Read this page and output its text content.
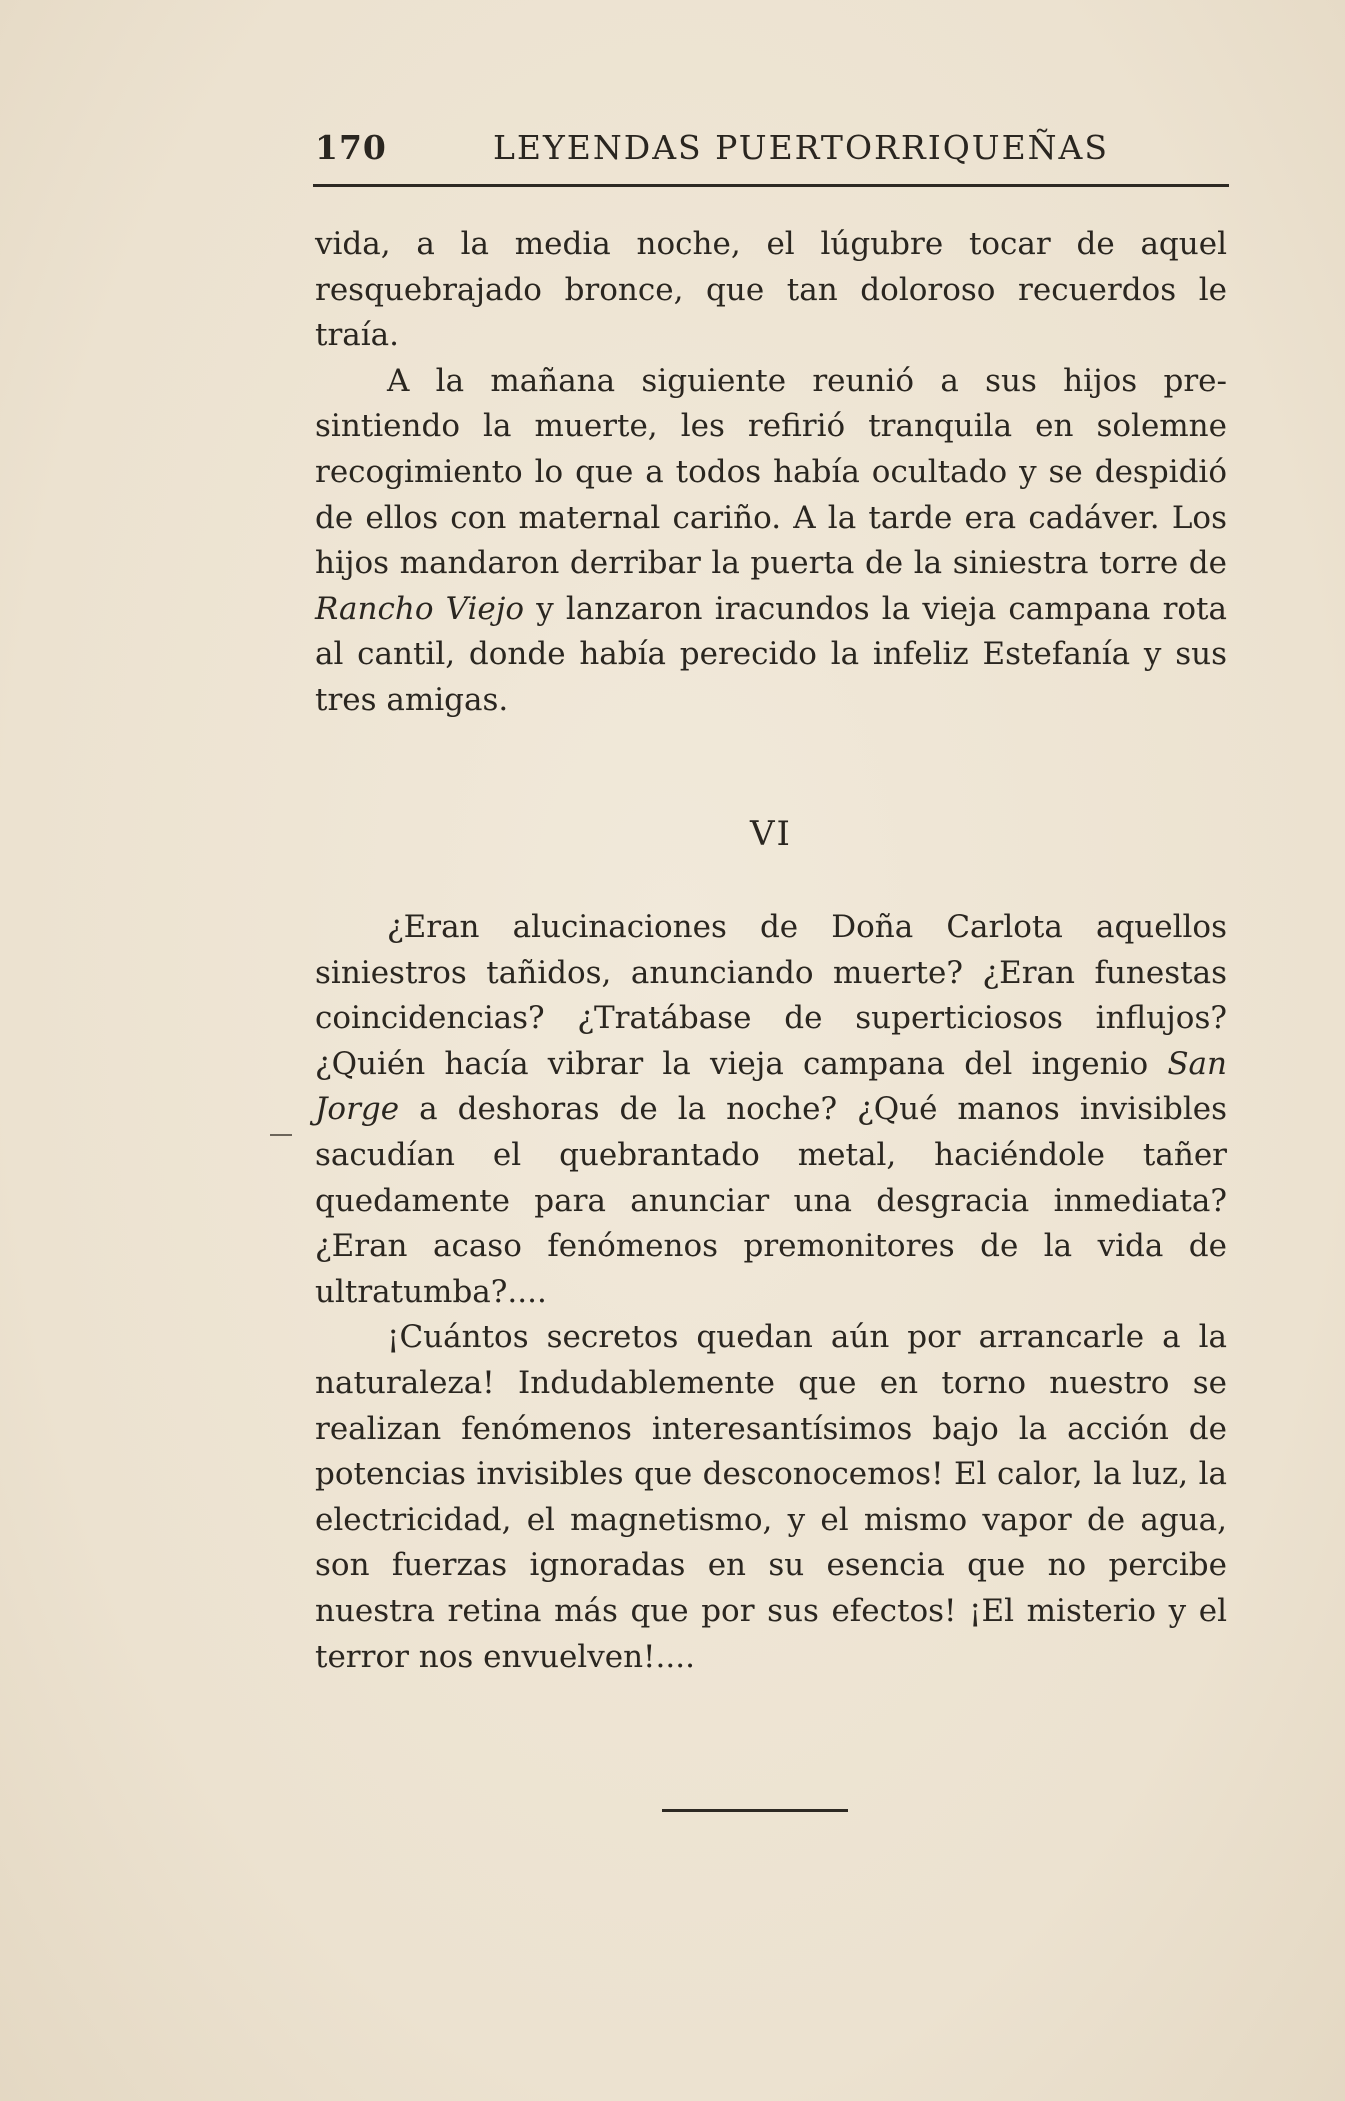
170	LEYENDAS PUERTORRIQUEÑAS

vida, a la media noche, el lúgubre tocar de aquel resquebrajado bronce, que tan doloroso recuerdos le traía.

A la mañana siguiente reunió a sus hijos presintiendo la muerte, les refirió tranquila en solemne recogimiento lo que a todos había ocultado y se despidió de ellos con maternal cariño. A la tarde era cadáver. Los hijos mandaron derribar la puerta de la siniestra torre de Rancho Viejo y lanzaron iracundos la vieja campana rota al cantil, donde había perecido la infeliz Estefanía y sus tres amigas.

VI

¿Eran alucinaciones de Doña Carlota aquellos siniestros tañidos, anunciando muerte? ¿Eran funestas coincidencias? ¿Tratábase de superticiosos influjos? ¿Quién hacía vibrar la vieja campana del ingenio San Jorge a deshoras de la noche? ¿Qué manos invisibles sacudían el quebrantado metal, haciéndole tañer quedamente para anunciar una desgracia inmediata? ¿Eran acaso fenómenos premonitores de la vida de ultratumba?....

¡Cuántos secretos quedan aún por arrancarle a la naturaleza! Indudablemente que en torno nuestro se realizan fenómenos interesantísimos bajo la acción de potencias invisibles que desconocemos! El calor, la luz, la electricidad, el magnetismo, y el mismo vapor de agua, son fuerzas ignoradas en su esencia que no percibe nuestra retina más que por sus efectos! ¡El misterio y el terror nos envuelven!....
